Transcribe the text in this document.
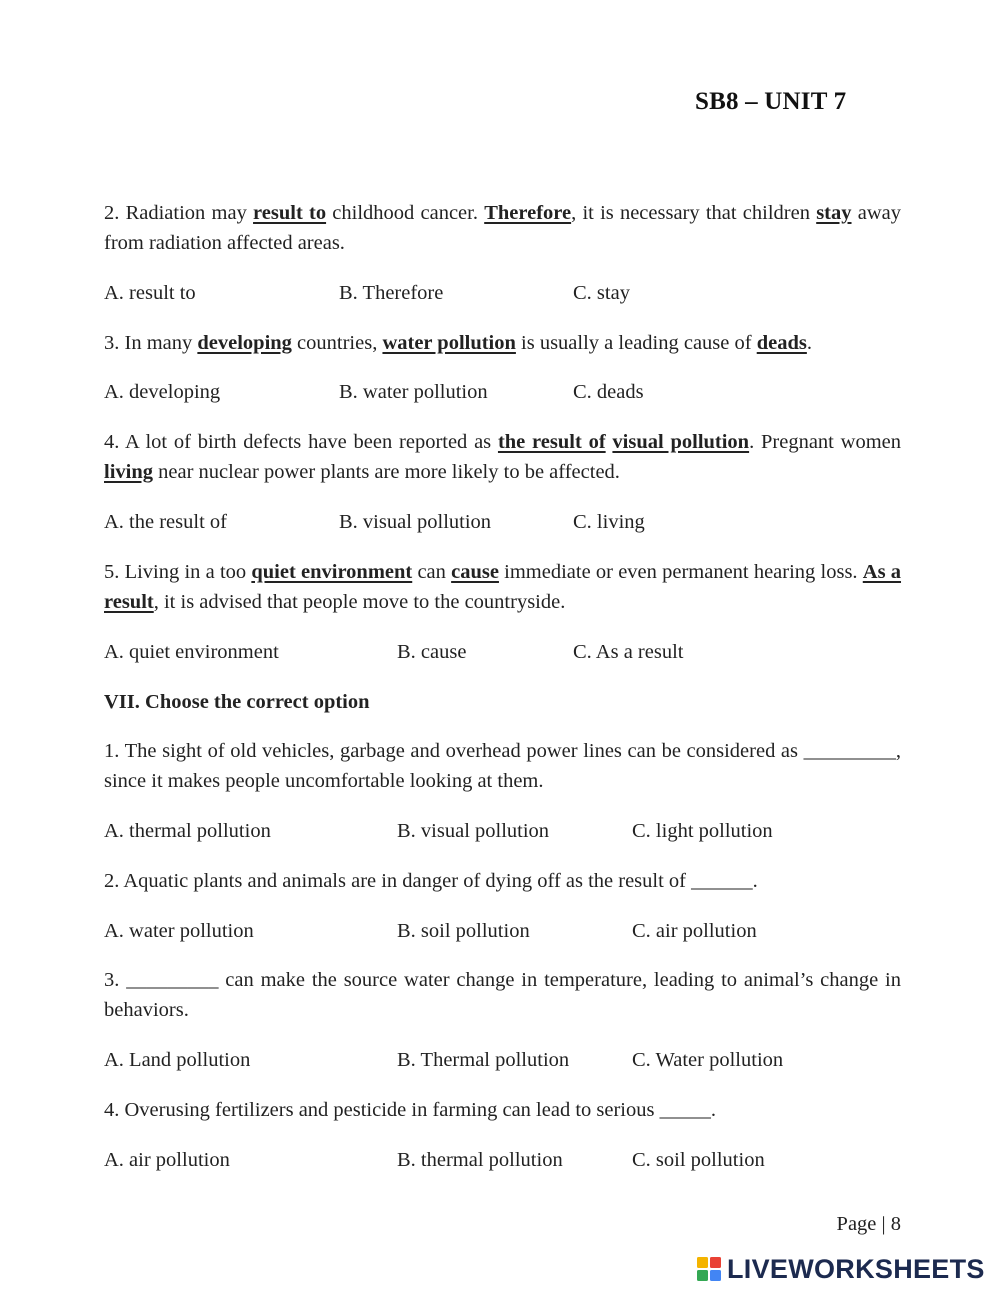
SB8 – UNIT 7
2. Radiation may result to childhood cancer. Therefore, it is necessary that children stay away from radiation affected areas.
A. result to	B. Therefore	C. stay
3. In many developing countries, water pollution is usually a leading cause of deads.
A. developing	B. water pollution	C. deads
4. A lot of birth defects have been reported as the result of visual pollution. Pregnant women living near nuclear power plants are more likely to be affected.
A. the result of	B. visual pollution	C. living
5. Living in a too quiet environment can cause immediate or even permanent hearing loss. As a result, it is advised that people move to the countryside.
A. quiet environment	B. cause	C. As a result
VII. Choose the correct option
1. The sight of old vehicles, garbage and overhead power lines can be considered as _________, since it makes people uncomfortable looking at them.
A. thermal pollution	B. visual pollution	C. light pollution
2. Aquatic plants and animals are in danger of dying off as the result of ______.
A. water pollution	B. soil pollution	C. air pollution
3. _________ can make the source water change in temperature, leading to animal’s change in behaviors.
A. Land pollution	B. Thermal pollution	C. Water pollution
4. Overusing fertilizers and pesticide in farming can lead to serious _____.
A. air pollution	B. thermal pollution	C. soil pollution
Page | 8
LIVEWORKSHEETS
